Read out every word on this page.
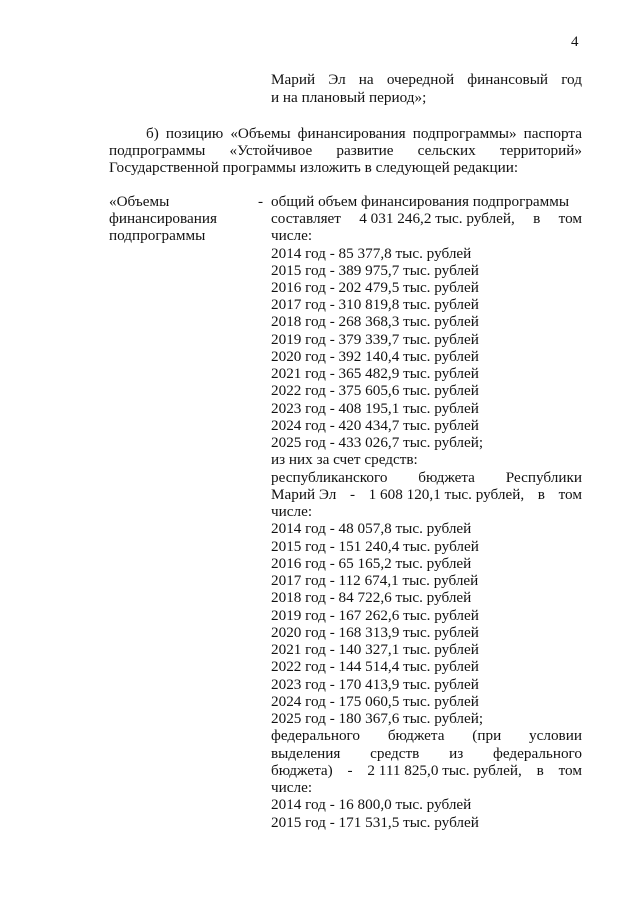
4
Марий Эл на очередной финансовый год
и на плановый период»;
б) позицию «Объемы финансирования подпрограммы» паспорта
подпрограммы «Устойчивое развитие сельских территорий»
Государственной программы изложить в следующей редакции:
«Объемы
финансирования
подпрограммы
- общий объем финансирования подпрограммы
составляет 4 031 246,2 тыс. рублей, в том
числе:
2014 год - 85 377,8 тыс. рублей
2015 год - 389 975,7 тыс. рублей
2016 год - 202 479,5 тыс. рублей
2017 год - 310 819,8 тыс. рублей
2018 год - 268 368,3 тыс. рублей
2019 год - 379 339,7 тыс. рублей
2020 год - 392 140,4 тыс. рублей
2021 год - 365 482,9 тыс. рублей
2022 год - 375 605,6 тыс. рублей
2023 год - 408 195,1 тыс. рублей
2024 год - 420 434,7 тыс. рублей
2025 год - 433 026,7 тыс. рублей;
из них за счет средств:
республиканского бюджета Республики
Марий Эл - 1 608 120,1 тыс. рублей, в том
числе:
2014 год - 48 057,8 тыс. рублей
2015 год - 151 240,4 тыс. рублей
2016 год - 65 165,2 тыс. рублей
2017 год - 112 674,1 тыс. рублей
2018 год - 84 722,6 тыс. рублей
2019 год - 167 262,6 тыс. рублей
2020 год - 168 313,9 тыс. рублей
2021 год - 140 327,1 тыс. рублей
2022 год - 144 514,4 тыс. рублей
2023 год - 170 413,9 тыс. рублей
2024 год - 175 060,5 тыс. рублей
2025 год - 180 367,6 тыс. рублей;
федерального бюджета (при условии
выделения средств из федерального
бюджета) - 2 111 825,0 тыс. рублей, в том
числе:
2014 год - 16 800,0 тыс. рублей
2015 год - 171 531,5 тыс. рублей
